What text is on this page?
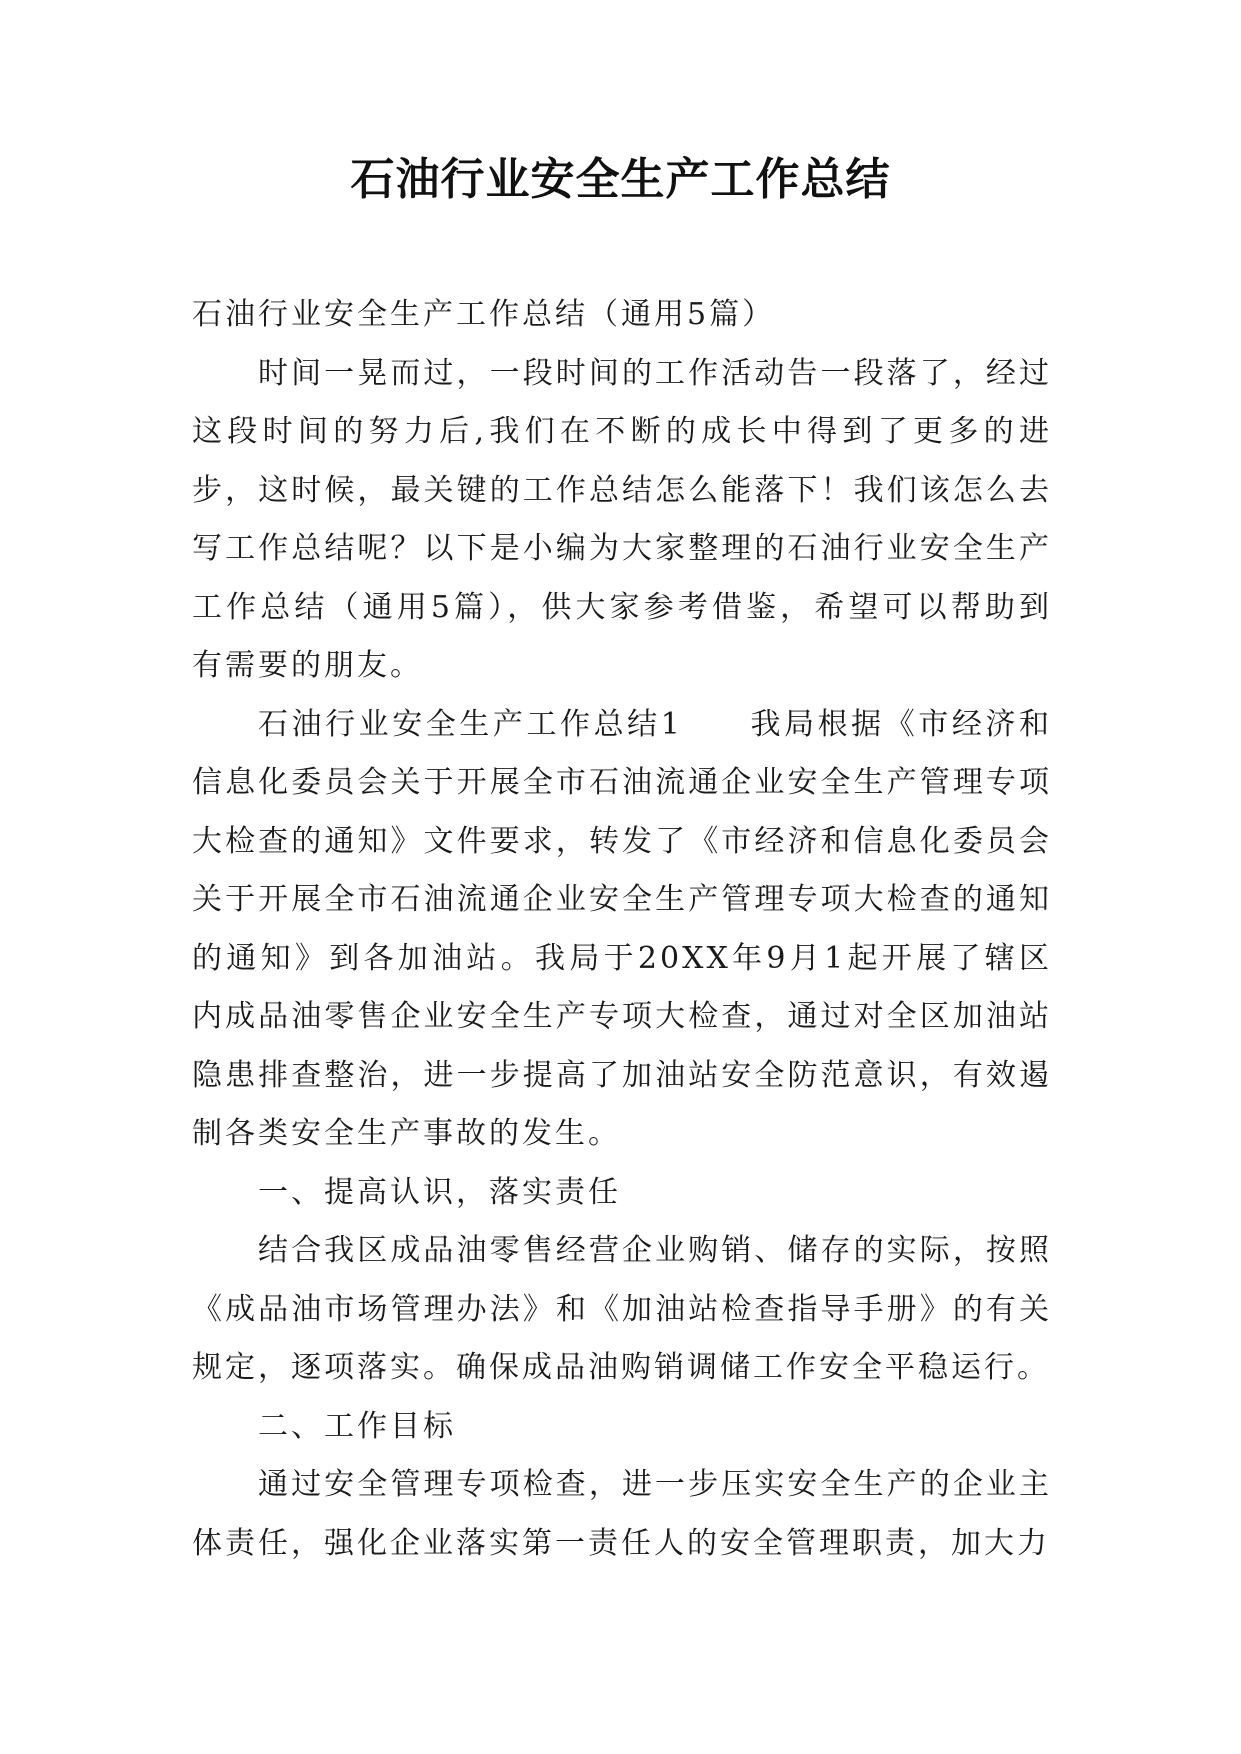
石油行业安全生产工作总结

石油行业安全生产工作总结（通用5篇）

时间一晃而过，一段时间的工作活动告一段落了，经过这段时间的努力后,我们在不断的成长中得到了更多的进步，这时候，最关键的工作总结怎么能落下！我们该怎么去写工作总结呢？以下是小编为大家整理的石油行业安全生产工作总结（通用5篇），供大家参考借鉴，希望可以帮助到有需要的朋友。

石油行业安全生产工作总结1　　我局根据《市经济和信息化委员会关于开展全市石油流通企业安全生产管理专项大检查的通知》文件要求，转发了《市经济和信息化委员会关于开展全市石油流通企业安全生产管理专项大检查的通知的通知》到各加油站。我局于20XX年9月1起开展了辖区内成品油零售企业安全生产专项大检查，通过对全区加油站隐患排查整治，进一步提高了加油站安全防范意识，有效遏制各类安全生产事故的发生。

一、提高认识，落实责任

结合我区成品油零售经营企业购销、储存的实际，按照《成品油市场管理办法》和《加油站检查指导手册》的有关规定，逐项落实。确保成品油购销调储工作安全平稳运行。

二、工作目标

通过安全管理专项检查，进一步压实安全生产的企业主体责任，强化企业落实第一责任人的安全管理职责，加大力
